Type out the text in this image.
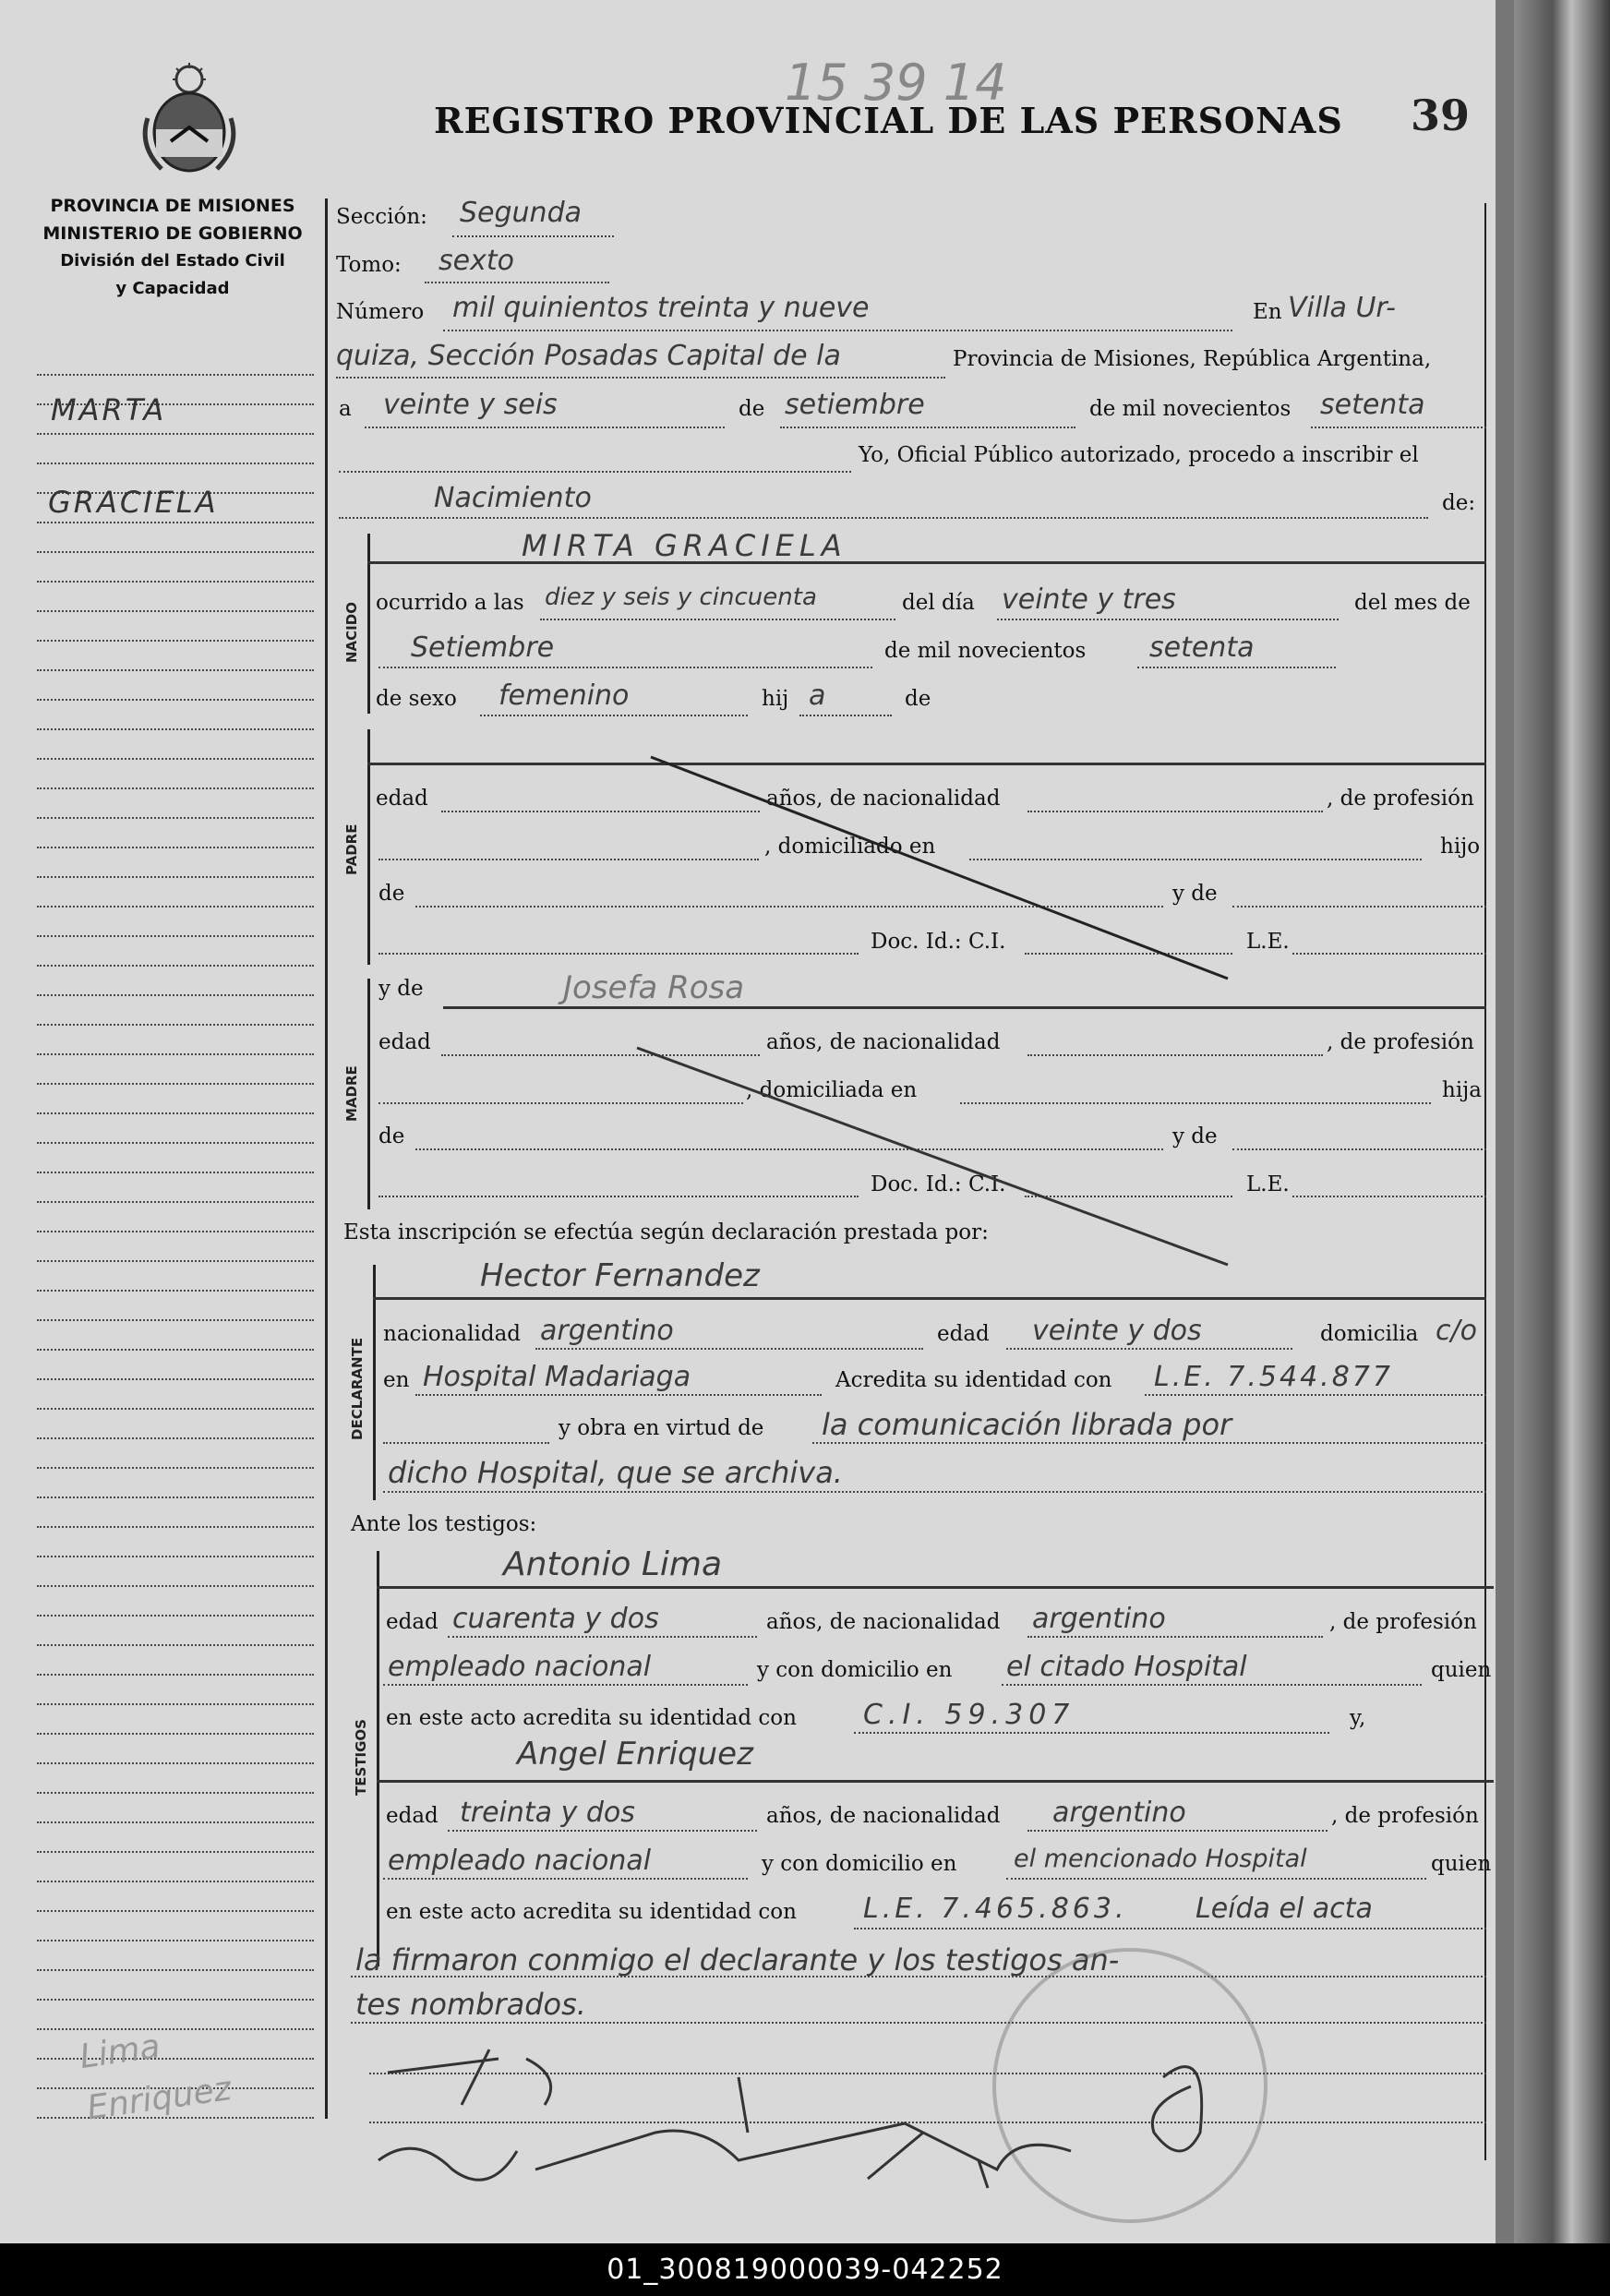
15 39 14
REGISTRO PROVINCIAL DE LAS PERSONAS 39
PROVINCIA DE MISIONES
MINISTERIO DE GOBIERNO
División del Estado Civil
y Capacidad
MARTA
GRACIELA
Lima
Enriquez
Sección: Segunda
Tomo: sexto
Número mil quinientos treinta y nueve	En Villa Ur-
quiza, Sección Posadas Capital de la	Provincia de Misiones, República Argentina,
a veinte y seis	de setiembre	de mil novecientos setenta
Yo, Oficial Público autorizado, procedo a inscribir el
Nacimiento	de:
NACIDO
MIRTA GRACIELA
ocurrido a las diez y seis y cincuenta	del día veinte y tres	del mes de
Setiembre	de mil novecientos setenta
de sexo femenino	hij a	de
PADRE
edad	años, de nacionalidad	, de profesión
, domiciliado en	hijo
de	y de
Doc. Id.: C.I.	L.E.
MADRE
y de	Josefa Rosa
edad	años, de nacionalidad	, de profesión
, domiciliada en	hija
de	y de
Doc. Id.: C.I.	L.E.
Esta inscripción se efectúa según declaración prestada por:
DECLARANTE
Hector Fernandez
nacionalidad argentino	edad veinte y dos	domicilia c/o
en Hospital Madariaga	Acredita su identidad con L.E. 7.544.877
y obra en virtud de la comunicación librada por
dicho Hospital, que se archiva.
Ante los testigos:
TESTIGOS
Antonio Lima
edad cuarenta y dos	años, de nacionalidad argentino	, de profesión
empleado nacional	y con domicilio en el citado Hospital	quien
en este acto acredita su identidad con C.I. 59.307	y,
Angel Enriquez
edad treinta y dos	años, de nacionalidad argentino	, de profesión
empleado nacional	y con domicilio en el mencionado Hospital	quien
en este acto acredita su identidad con L.E. 7.465.863. Leída el acta
la firmaron conmigo el declarante y los testigos an-
tes nombrados.
01_300819000039-042252
